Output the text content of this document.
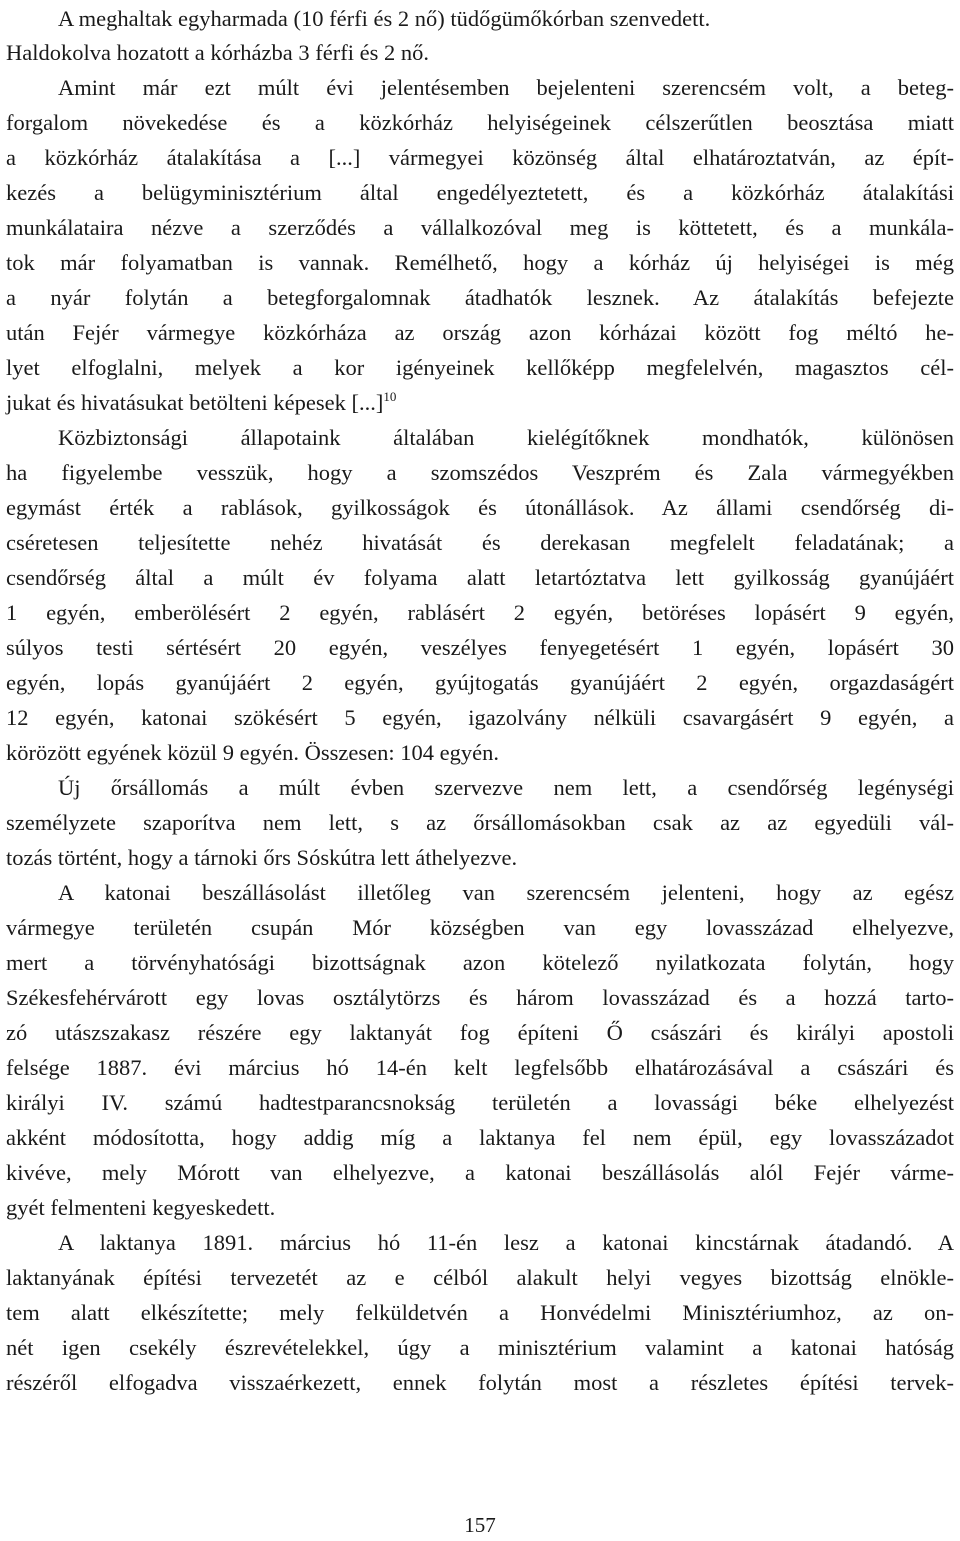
A meghaltak egyharmada (10 férfi és 2 nő) tüdőgümőkórban szenvedett.
Haldokolva hozatott a kórházba 3 férfi és 2 nő.
Amint már ezt múlt évi jelentésemben bejelenteni szerencsém volt, a beteg-
forgalom növekedése és a közkórház helyiségeinek célszerűtlen beosztása miatt
a közkórház átalakítása a [...] vármegyei közönség által elhatároztatván, az épít-
kezés a belügyminisztérium által engedélyeztetett, és a közkórház átalakítási
munkálataira nézve a szerződés a vállalkozóval meg is köttetett, és a munkála-
tok már folyamatban is vannak. Remélhető, hogy a kórház új helyiségei is még
a nyár folytán a betegforgalomnak átadhatók lesznek. Az átalakítás befejezte
után Fejér vármegye közkórháza az ország azon kórházai között fog méltó he-
lyet elfoglalni, melyek a kor igényeinek kellőképp megfelelvén, magasztos cél-
jukat és hivatásukat betölteni képesek [...]$^{10}$
Közbiztonsági állapotaink általában kielégítőknek mondhatók, különösen
ha figyelembe vesszük, hogy a szomszédos Veszprém és Zala vármegyékben
egymást érték a rablások, gyilkosságok és útonállások. Az állami csendőrség di-
cséretesen teljesítette nehéz hivatását és derekasan megfelelt feladatának; a
csendőrség által a múlt év folyama alatt letartóztatva lett gyilkosság gyanújáért
1 egyén, emberölésért 2 egyén, rablásért 2 egyén, betöréses lopásért 9 egyén,
súlyos testi sértésért 20 egyén, veszélyes fenyegetésért 1 egyén, lopásért 30
egyén, lopás gyanújáért 2 egyén, gyújtogatás gyanújáért 2 egyén, orgazdaságért
12 egyén, katonai szökésért 5 egyén, igazolvány nélküli csavargásért 9 egyén, a
körözött egyének közül 9 egyén. Összesen: 104 egyén.
Új őrsállomás a múlt évben szervezve nem lett, a csendőrség legénységi
személyzete szaporítva nem lett, s az őrsállomásokban csak az az egyedüli vál-
tozás történt, hogy a tárnoki őrs Sóskútra lett áthelyezve.
A katonai beszállásolást illetőleg van szerencsém jelenteni, hogy az egész
vármegye területén csupán Mór községben van egy lovasszázad elhelyezve,
mert a törvényhatósági bizottságnak azon kötelező nyilatkozata folytán, hogy
Székesfehérvárott egy lovas osztálytörzs és három lovasszázad és a hozzá tarto-
zó utászszakasz részére egy laktanyát fog építeni Ő császári és királyi apostoli
felsége 1887. évi március hó 14-én kelt legfelsőbb elhatározásával a császári és
királyi IV. számú hadtestparancsnokság területén a lovassági béke elhelyezést
akként módosította, hogy addig míg a laktanya fel nem épül, egy lovasszázadot
kivéve, mely Mórott van elhelyezve, a katonai beszállásolás alól Fejér várme-
gyét felmenteni kegyeskedett.
A laktanya 1891. március hó 11-én lesz a katonai kincstárnak átadandó. A
laktanyának építési tervezetét az e célból alakult helyi vegyes bizottság elnökle-
tem alatt elkészítette; mely felküldetvén a Honvédelmi Minisztériumhoz, az on-
nét igen csekély észrevételekkel, úgy a minisztérium valamint a katonai hatóság
részéről elfogadva visszaérkezett, ennek folytán most a részletes építési tervek-
157
